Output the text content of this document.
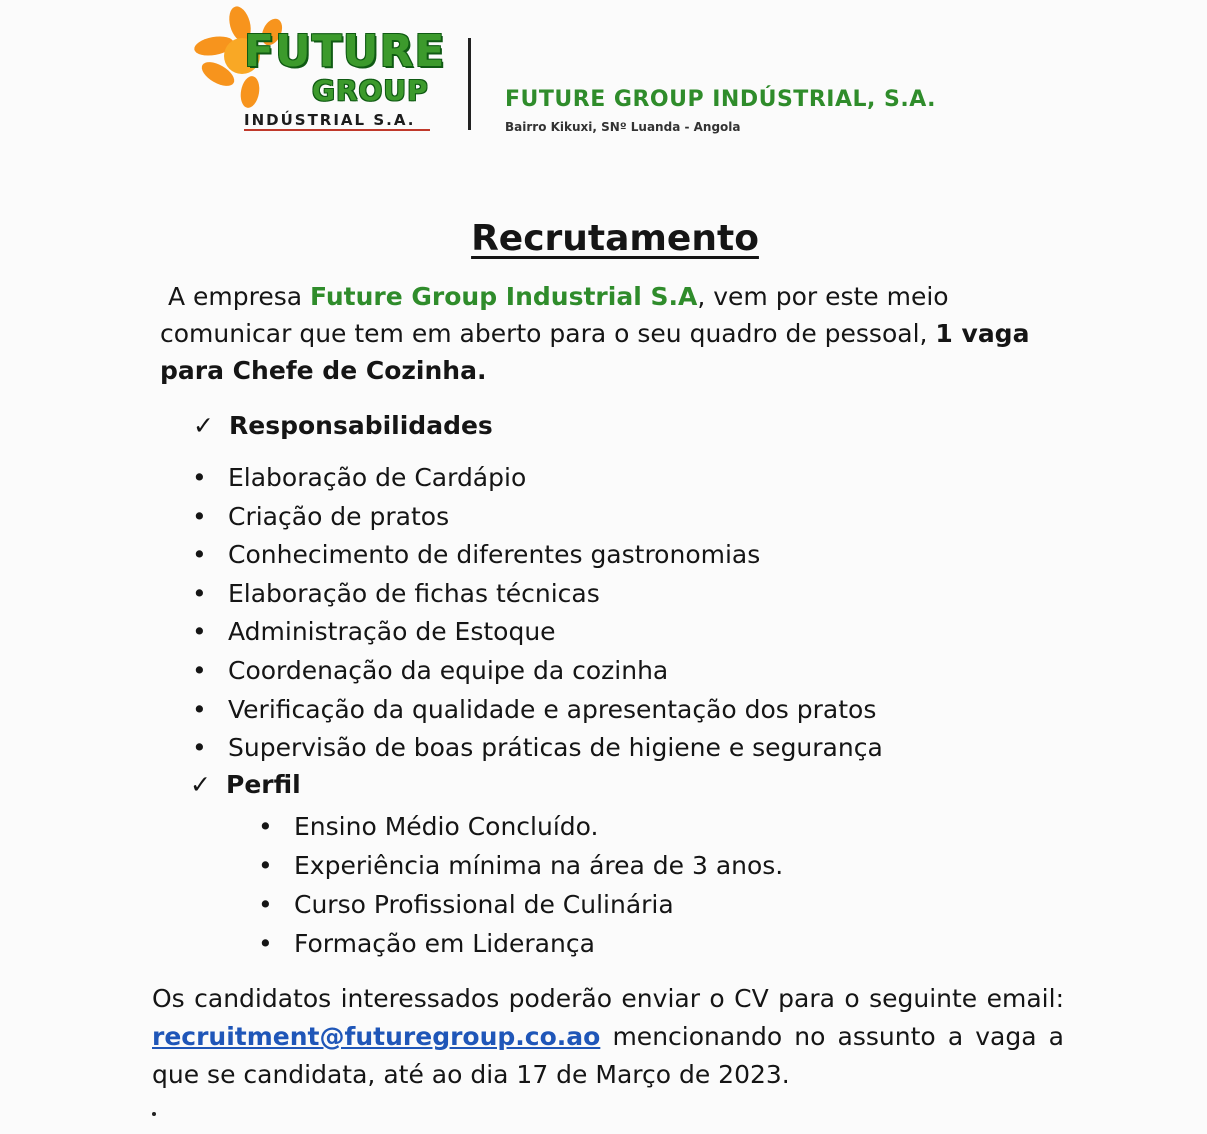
FUTURE
GROUP
INDÚSTRIAL S.A.
FUTURE GROUP INDÚSTRIAL, S.A.
Bairro Kikuxi, SNº Luanda - Angola
Recrutamento
A empresa Future Group Industrial S.A, vem por este meio comunicar que tem em aberto para o seu quadro de pessoal, 1 vaga para Chefe de Cozinha.
✓ Responsabilidades
• Elaboração de Cardápio
• Criação de pratos
• Conhecimento de diferentes gastronomias
• Elaboração de fichas técnicas
• Administração de Estoque
• Coordenação da equipe da cozinha
• Verificação da qualidade e apresentação dos pratos
• Supervisão de boas práticas de higiene e segurança
✓ Perfil
• Ensino Médio Concluído.
• Experiência mínima na área de 3 anos.
• Curso Profissional de Culinária
• Formação em Liderança
Os candidatos interessados poderão enviar o CV para o seguinte email: recruitment@futuregroup.co.ao mencionando no assunto a vaga a que se candidata, até ao dia 17 de Março de 2023.
